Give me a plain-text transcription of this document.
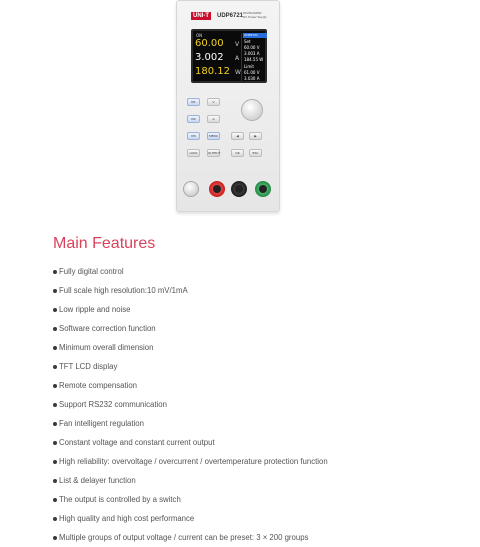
UNI-T	UDP6721 60V/8A/180W
DC Power Supply
ON
60.00 V
3.002 A
180.12 W
UDP6721
Set
60.00 V
3.003 A
184.55 W
Limit
61.00 V
3.030 A
M1
M2
M3
LOCK
V
A
MENU
OUTPUT
◀	▶
OK	ESC
Main Features
Fully digital control
Full scale high resolution:10 mV/1mA
Low ripple and noise
Software correction function
Minimum overall dimension
TFT LCD display
Remote compensation
Support RS232 communication
Fan intelligent regulation
Constant voltage and constant current output
High reliability: overvoltage / overcurrent / overtemperature protection function
List & delayer function
The output is controlled by a switch
High quality and high cost performance
Multiple groups of output voltage / current can be preset: 3 × 200 groups
